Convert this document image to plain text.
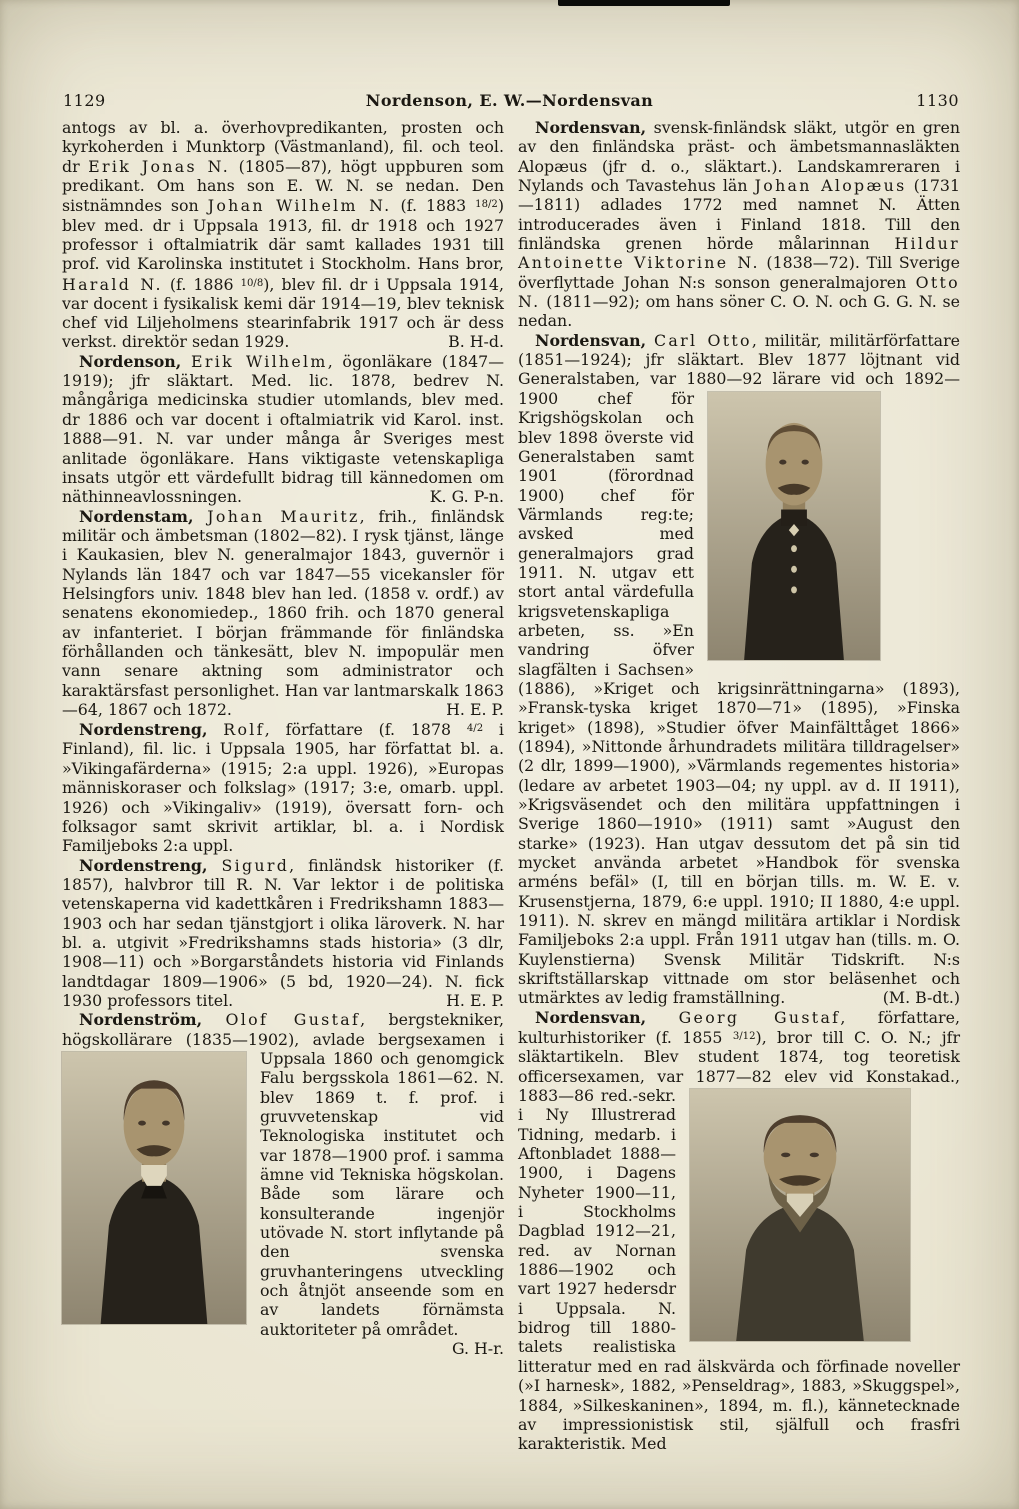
1129	Nordenson, E. W.—Nordensvan	1130

antogs av bl. a. överhovpredikanten, prosten och kyrkoherden i Munktorp (Västmanland), fil. och teol. dr Erik Jonas N. (1805—87), högt uppburen som predikant. Om hans son E. W. N. se nedan. Den sistnämndes son Johan Wilhelm N. (f. 1883 $^{18/2}$) blev med. dr i Uppsala 1913, fil. dr 1918 och 1927 professor i oftalmiatrik där samt kallades 1931 till prof. vid Karolinska institutet i Stockholm. Hans bror, Harald N. (f. 1886 $^{10/8}$), blev fil. dr i Uppsala 1914, var docent i fysikalisk kemi där 1914—19, blev teknisk chef vid Liljeholmens stearinfabrik 1917 och är dess verkst. direktör sedan 1929.	B. H-d.

Nordenson, Erik Wilhelm, ögonläkare (1847—1919); jfr släktart. Med. lic. 1878, bedrev N. mångåriga medicinska studier utomlands, blev med. dr 1886 och var docent i oftalmiatrik vid Karol. inst. 1888—91. N. var under många år Sveriges mest anlitade ögonläkare. Hans viktigaste vetenskapliga insats utgör ett värdefullt bidrag till kännedomen om näthinneavlossningen.	K. G. P-n.

Nordenstam, Johan Mauritz, frih., finländsk militär och ämbetsman (1802—82). I rysk tjänst, länge i Kaukasien, blev N. generalmajor 1843, guvernör i Nylands län 1847 och var 1847—55 vicekansler för Helsingfors univ. 1848 blev han led. (1858 v. ordf.) av senatens ekonomiedep., 1860 frih. och 1870 general av infanteriet. I början främmande för finländska förhållanden och tänkesätt, blev N. impopulär men vann senare aktning som administrator och karaktärsfast personlighet. Han var lantmarskalk 1863—64, 1867 och 1872.	H. E. P.

Nordenstreng, Rolf, författare (f. 1878 $^{4/2}$ i Finland), fil. lic. i Uppsala 1905, har författat bl. a. »Vikingafärderna» (1915; 2:a uppl. 1926), »Europas människoraser och folkslag» (1917; 3:e, omarb. uppl. 1926) och »Vikingaliv» (1919), översatt forn- och folksagor samt skrivit artiklar, bl. a. i Nordisk Familjeboks 2:a uppl.

Nordenstreng, Sigurd, finländsk historiker (f. 1857), halvbror till R. N. Var lektor i de politiska vetenskaperna vid kadettkåren i Fredrikshamn 1883—1903 och har sedan tjänstgjort i olika läroverk. N. har bl. a. utgivit »Fredrikshamns stads historia» (3 dlr, 1908—11) och »Borgarståndets historia vid Finlands landtdagar 1809—1906» (5 bd, 1920—24). N. fick 1930 professors titel.	H. E. P.

Nordenström, Olof Gustaf, bergstekniker, högskollärare (1835—1902), avlade
bergsexamen i Uppsala 1860 och genomgick Falu bergsskola 1861—62. N. blev 1869 t. f. prof. i gruvvetenskap vid Teknologiska institutet och var 1878—1900 prof. i samma ämne vid Tekniska högskolan. Både som lärare och konsulterande ingenjör utövade N. stort inflytande på den svenska gruvhanteringens utveckling och åtnjöt anseende som en av landets förnämsta auktoriteter på området.
G. H-r.

Nordensvan, svensk-finländsk släkt, utgör en gren av den finländska präst- och ämbetsmannasläkten Alopæus (jfr d. o., släktart.). Landskamreraren i Nylands och Tavastehus län Johan Alopæus (1731—1811) adlades 1772 med namnet N. Ätten introducerades även i Finland 1818. Till den finländska grenen hörde målarinnan Hildur Antoinette Viktorine N. (1838—72). Till Sverige överflyttade Johan N:s sonson generalmajoren Otto N. (1811—92); om hans söner C. O. N. och G. G. N. se nedan.

Nordensvan, Carl Otto, militär, militärförfattare (1851—1924); jfr släktart. Blev 1877 löjtnant vid Generalstaben, var 1880—92 lärare vid och 1892—1900 chef för
Krigshögskolan och blev 1898 överste vid Generalstaben samt 1901 (förordnad 1900) chef för Värmlands reg:te; avsked med generalmajors grad 1911. N. utgav ett stort antal värdefulla krigsvetenskapliga arbeten, ss. »En vandring öfver slagfälten i Sachsen» (1886), »Kriget och krigsinrättningarna» (1893), »Fransk-tyska kriget 1870—71» (1895), »Finska kriget» (1898), »Studier öfver Mainfälttåget 1866» (1894), »Nittonde århundradets militära tilldragelser» (2 dlr, 1899—1900), »Värmlands regementes historia» (ledare av arbetet 1903—04; ny uppl. av d. II 1911), »Krigsväsendet och den militära uppfattningen i Sverige 1860—1910» (1911) samt »August den starke» (1923). Han utgav dessutom det på sin tid mycket använda arbetet »Handbok för svenska arméns befäl» (I, till en början tills. m. W. E. v. Krusenstjerna, 1879, 6:e uppl. 1910; II 1880, 4:e uppl. 1911). N. skrev en mängd militära artiklar i Nordisk Familjeboks 2:a uppl. Från 1911 utgav han (tills. m. O. Kuylenstierna) Svensk Militär Tidskrift. N:s skriftställarskap vittnade om stor beläsenhet och utmärktes av ledig framställning.	(M. B-dt.)

Nordensvan, Georg Gustaf, författare, kulturhistoriker (f. 1855 $^{3/12}$), bror till C. O. N.; jfr släktartikeln. Blev student 1874, tog teoretisk officersexamen, var 1877—82
elev vid Konstakad., 1883—86 red.-sekr. i Ny Illustrerad Tidning, medarb. i Aftonbladet 1888—1900, i Dagens Nyheter 1900—11, i Stockholms Dagblad 1912—21, red. av Nornan 1886—1902 och vart 1927 hedersdr i Uppsala. N. bidrog till 1880-talets realistiska litteratur med en rad älskvärda och förfinade noveller (»I harnesk», 1882, »Penseldrag», 1883, »Skuggspel», 1884, »Silkeskaninen», 1894, m. fl.), kännetecknade av impressionistisk stil, själfull och frasfri karakteristik. Med
